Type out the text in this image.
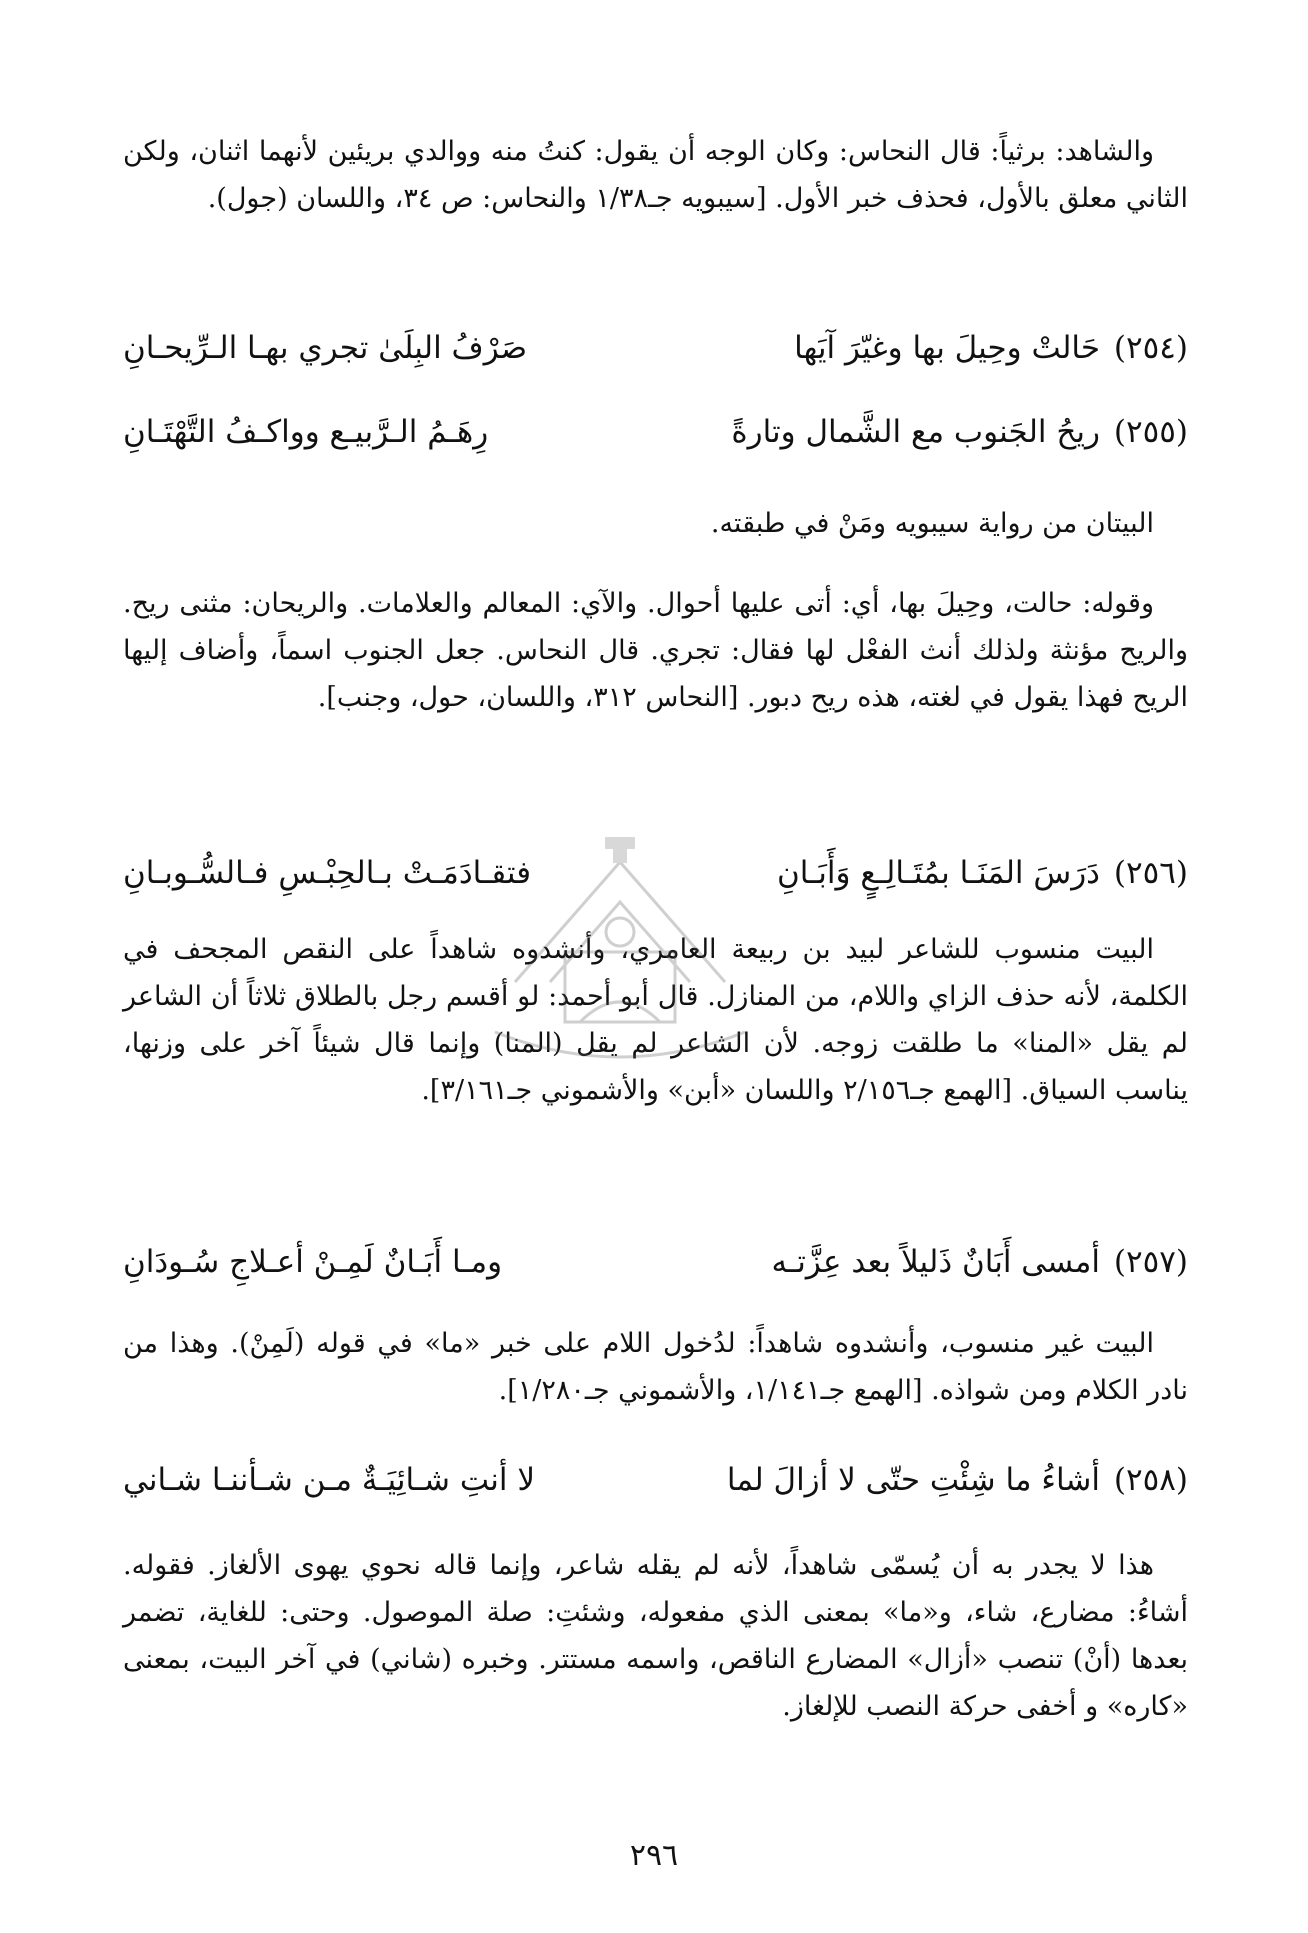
والشاهد: برثياً: قال النحاس: وكان الوجه أن يقول: كنتُ منه ووالدي بريئين لأنهما اثنان، ولكن الثاني معلق بالأول، فحذف خبر الأول. [سيبويه جـ١/٣٨ والنحاس: ص ٣٤، واللسان (جول).

(٢٥٤)
حَالتْ وحِيلَ بها وغيّرَ آيَها
صَرْفُ البِلَىٰ تجري بهـا الـرِّيحـانِ
(٢٥٥)
ريحُ الجَنوب مع الشَّمال وتارةً
رِهَـمُ الـرَّبيـع وواكـفُ التَّهْتَـانِ

البيتان من رواية سيبويه ومَنْ في طبقته.

وقوله: حالت، وحِيلَ بها، أي: أتى عليها أحوال. والآي: المعالم والعلامات. والريحان: مثنى ريح. والريح مؤنثة ولذلك أنث الفعْل لها فقال: تجري. قال النحاس. جعل الجنوب اسماً، وأضاف إليها الريح فهذا يقول في لغته، هذه ريح دبور. [النحاس ٣١٢، واللسان، حول، وجنب].

(٢٥٦)
دَرَسَ المَنَـا بمُتَـالِـعٍ وَأَبَـانِ
فتقـادَمَـتْ بـالحِبْـسِ فـالسُّـوبـانِ

البيت منسوب للشاعر لبيد بن ربيعة العامري، وأنشدوه شاهداً على النقص المجحف في الكلمة، لأنه حذف الزاي واللام، من المنازل. قال أبو أحمد: لو أقسم رجل بالطلاق ثلاثاً أن الشاعر لم يقل «المنا» ما طلقت زوجه. لأن الشاعر لم يقل (المنا) وإنما قال شيئاً آخر على وزنها، يناسب السياق. [الهمع جـ٢/١٥٦ واللسان «أبن» والأشموني جـ٣/١٦١].

(٢٥٧)
أمسى أَبَانٌ ذَليلاً بعد عِزَّتـه
ومـا أَبَـانٌ لَمِـنْ أعـلاجِ سُـودَانِ

البيت غير منسوب، وأنشدوه شاهداً: لدُخول اللام على خبر «ما» في قوله (لَمِنْ). وهذا من نادر الكلام ومن شواذه. [الهمع جـ١/١٤١، والأشموني جـ١/٢٨٠].

(٢٥٨)
أشاءُ ما شِئْتِ حتّى لا أزالَ لما
لا أنتِ شـائِيَـةٌ مـن شـأننـا شـاني

هذا لا يجدر به أن يُسمّى شاهداً، لأنه لم يقله شاعر، وإنما قاله نحوي يهوى الألغاز. فقوله. أشاءُ: مضارع، شاء، و«ما» بمعنى الذي مفعوله، وشئتِ: صلة الموصول. وحتى: للغاية، تضمر بعدها (أنْ) تنصب «أزال» المضارع الناقص، واسمه مستتر. وخبره (شاني) في آخر البيت، بمعنى «كاره» و أخفى حركة النصب للإلغاز.

٢٩٦
